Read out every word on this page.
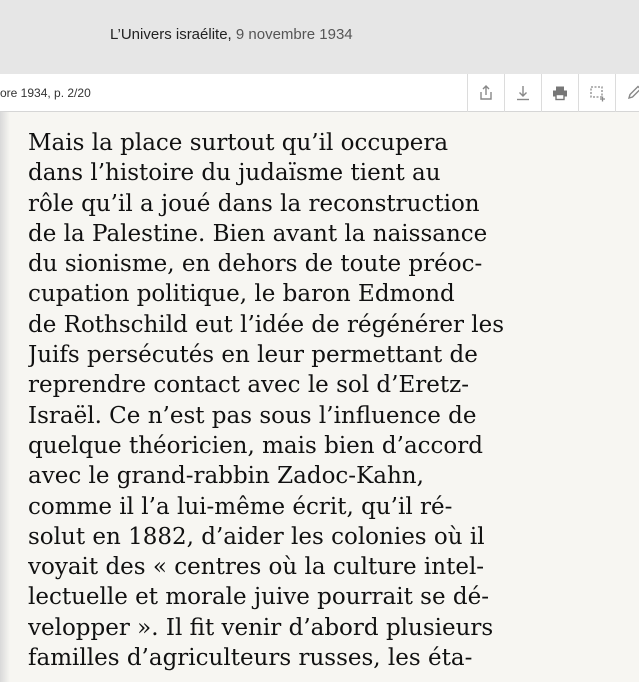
L’Univers israélite, 9 novembre 1934
ore 1934, p. 2/20
Mais la place surtout qu’il occupera
dans l’histoire du judaïsme tient au
rôle qu’il a joué dans la reconstruction
de la Palestine. Bien avant la naissance
du sionisme, en dehors de toute préoc-
cupation politique, le baron Edmond
de Rothschild eut l’idée de régénérer les
Juifs persécutés en leur permettant de
reprendre contact avec le sol d’Eretz-
Israël. Ce n’est pas sous l’influence de
quelque théoricien, mais bien d’accord
avec le grand-rabbin Zadoc-Kahn,
comme il l’a lui-même écrit, qu’il ré-
solut en 1882, d’aider les colonies où il
voyait des « centres où la culture intel-
lectuelle et morale juive pourrait se dé-
velopper ». Il fit venir d’abord plusieurs
familles d’agriculteurs russes, les éta-
